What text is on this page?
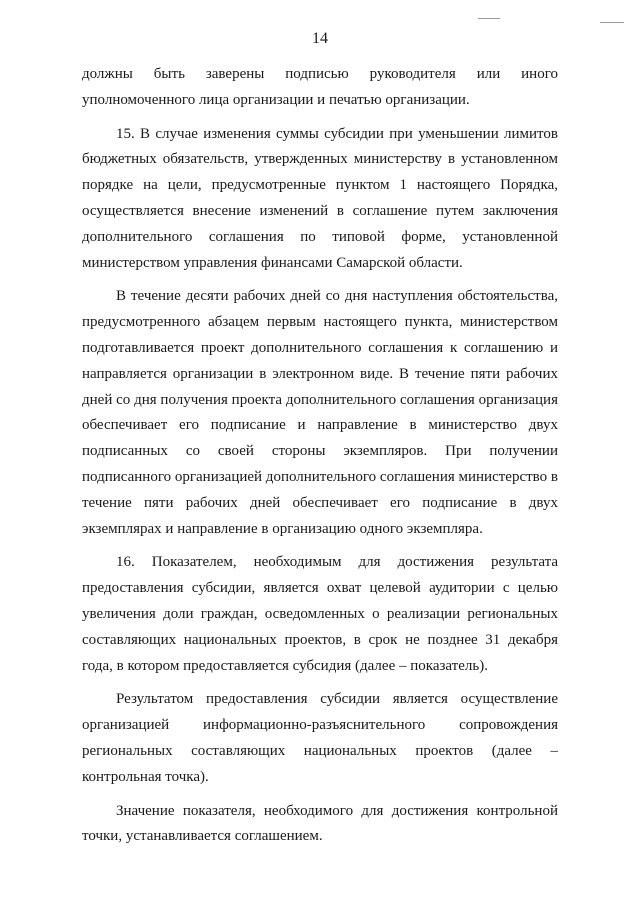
14

должны быть заверены подписью руководителя или иного уполномоченного лица организации и печатью организации.

15. В случае изменения суммы субсидии при уменьшении лимитов бюджетных обязательств, утвержденных министерству в установленном порядке на цели, предусмотренные пунктом 1 настоящего Порядка, осуществляется внесение изменений в соглашение путем заключения дополнительного соглашения по типовой форме, установленной министерством управления финансами Самарской области.

В течение десяти рабочих дней со дня наступления обстоятельства, предусмотренного абзацем первым настоящего пункта, министерством подготавливается проект дополнительного соглашения к соглашению и направляется организации в электронном виде. В течение пяти рабочих дней со дня получения проекта дополнительного соглашения организация обеспечивает его подписание и направление в министерство двух подписанных со своей стороны экземпляров. При получении подписанного организацией дополнительного соглашения министерство в течение пяти рабочих дней обеспечивает его подписание в двух экземплярах и направление в организацию одного экземпляра.

16. Показателем, необходимым для достижения результата предоставления субсидии, является охват целевой аудитории с целью увеличения доли граждан, осведомленных о реализации региональных составляющих национальных проектов, в срок не позднее 31 декабря года, в котором предоставляется субсидия (далее – показатель).

Результатом предоставления субсидии является осуществление организацией информационно-разъяснительного сопровождения региональных составляющих национальных проектов (далее – контрольная точка).

Значение показателя, необходимого для достижения контрольной точки, устанавливается соглашением.
